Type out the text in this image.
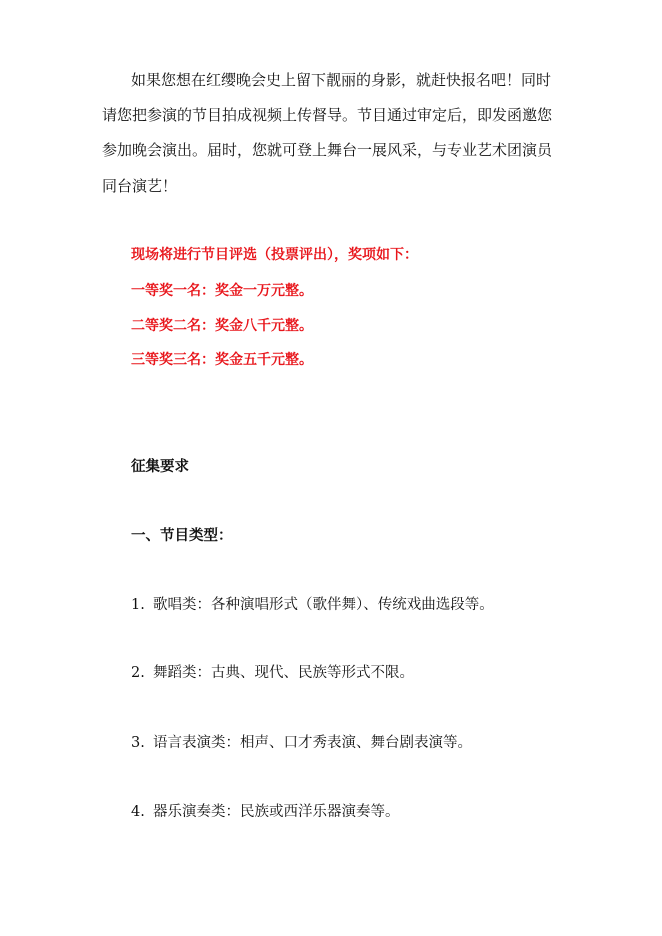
如果您想在红缨晚会史上留下靓丽的身影，就赶快报名吧！同时
请您把参演的节目拍成视频上传督导。节目通过审定后，即发函邀您
参加晚会演出。届时，您就可登上舞台一展风采，与专业艺术团演员
同台演艺！
现场将进行节目评选（投票评出），奖项如下：
一等奖一名：奖金一万元整。
二等奖二名：奖金八千元整。
三等奖三名：奖金五千元整。
征集要求
一、节目类型：
1. 歌唱类：各种演唱形式（歌伴舞）、传统戏曲选段等。
2. 舞蹈类：古典、现代、民族等形式不限。
3. 语言表演类：相声、口才秀表演、舞台剧表演等。
4. 器乐演奏类：民族或西洋乐器演奏等。
